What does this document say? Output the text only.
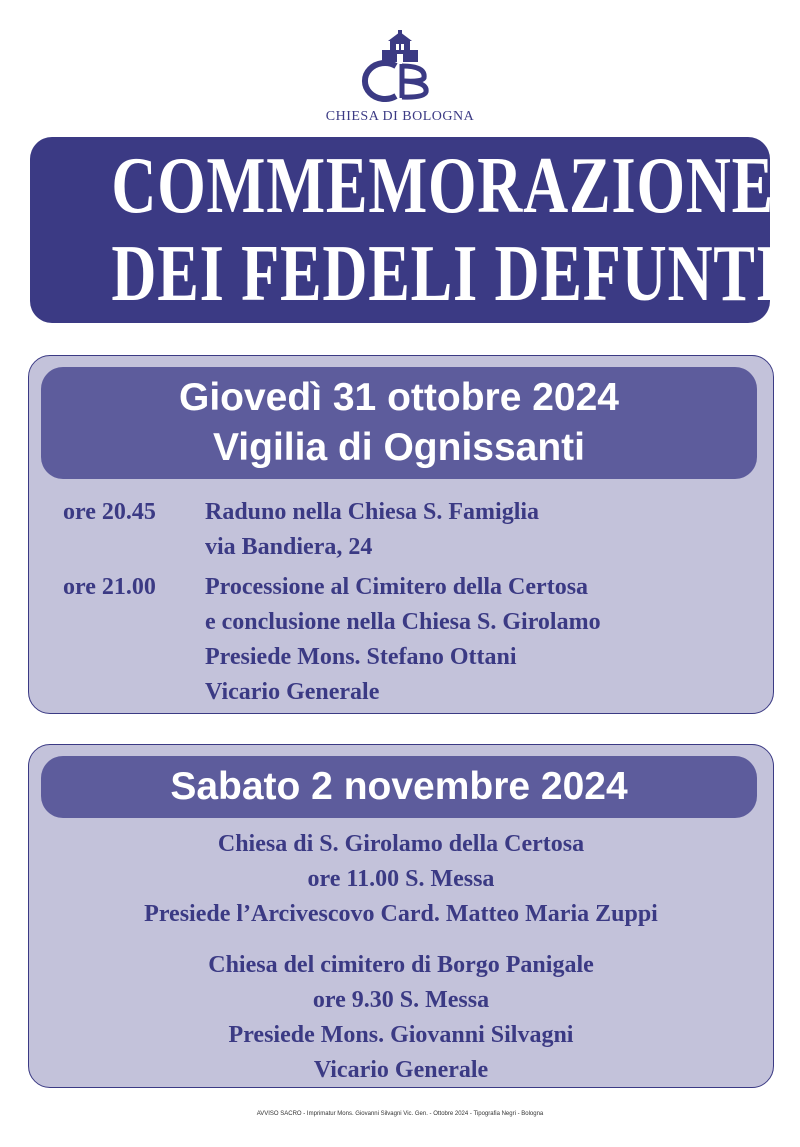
CHIESA DI BOLOGNA
COMMEMORAZIONE
DEI FEDELI DEFUNTI
Giovedì 31 ottobre 2024
Vigilia di Ognissanti
ore 20.45	Raduno nella Chiesa S. Famiglia
via Bandiera, 24
ore 21.00	Processione al Cimitero della Certosa
e conclusione nella Chiesa S. Girolamo
Presiede Mons. Stefano Ottani
Vicario Generale
Sabato 2 novembre 2024
Chiesa di S. Girolamo della Certosa
ore 11.00 S. Messa
Presiede l’Arcivescovo Card. Matteo Maria Zuppi
Chiesa del cimitero di Borgo Panigale
ore 9.30 S. Messa
Presiede Mons. Giovanni Silvagni
Vicario Generale
AVVISO SACRO - Imprimatur Mons. Giovanni Silvagni Vic. Gen. - Ottobre 2024 - Tipografia Negri - Bologna
